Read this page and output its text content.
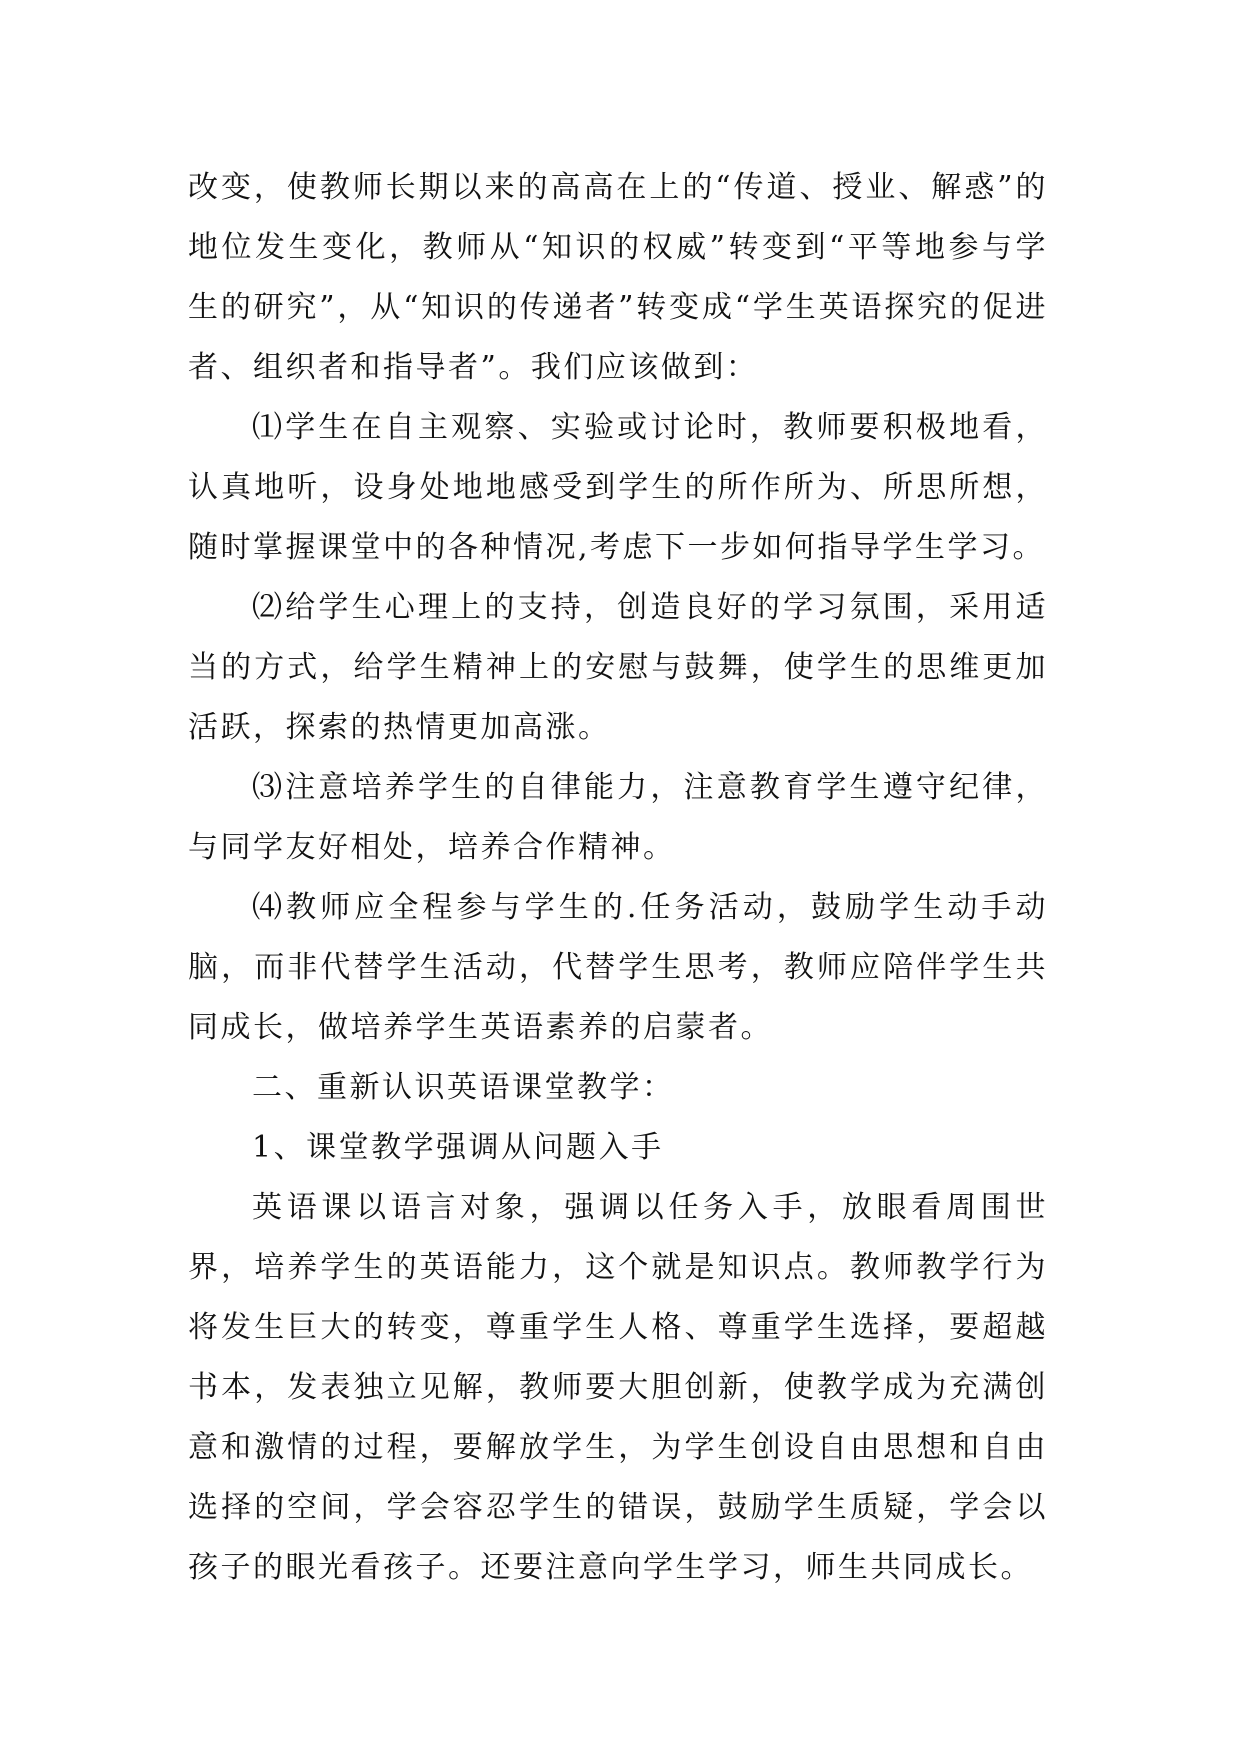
改变，使教师长期以来的高高在上的“传道、授业、解惑”的地位发生变化，教师从“知识的权威”转变到“平等地参与学生的研究”，从“知识的传递者”转变成“学生英语探究的促进者、组织者和指导者”。我们应该做到：

⑴学生在自主观察、实验或讨论时，教师要积极地看，认真地听，设身处地地感受到学生的所作所为、所思所想，随时掌握课堂中的各种情况,考虑下一步如何指导学生学习。

⑵给学生心理上的支持，创造良好的学习氛围，采用适当的方式，给学生精神上的安慰与鼓舞，使学生的思维更加活跃，探索的热情更加高涨。

⑶注意培养学生的自律能力，注意教育学生遵守纪律，与同学友好相处，培养合作精神。

⑷教师应全程参与学生的.任务活动，鼓励学生动手动脑，而非代替学生活动，代替学生思考，教师应陪伴学生共同成长，做培养学生英语素养的启蒙者。

二、重新认识英语课堂教学：

1、课堂教学强调从问题入手

英语课以语言对象，强调以任务入手，放眼看周围世界，培养学生的英语能力，这个就是知识点。教师教学行为将发生巨大的转变，尊重学生人格、尊重学生选择，要超越书本，发表独立见解，教师要大胆创新，使教学成为充满创意和激情的过程，要解放学生，为学生创设自由思想和自由选择的空间，学会容忍学生的错误，鼓励学生质疑，学会以孩子的眼光看孩子。还要注意向学生学习，师生共同成长。
